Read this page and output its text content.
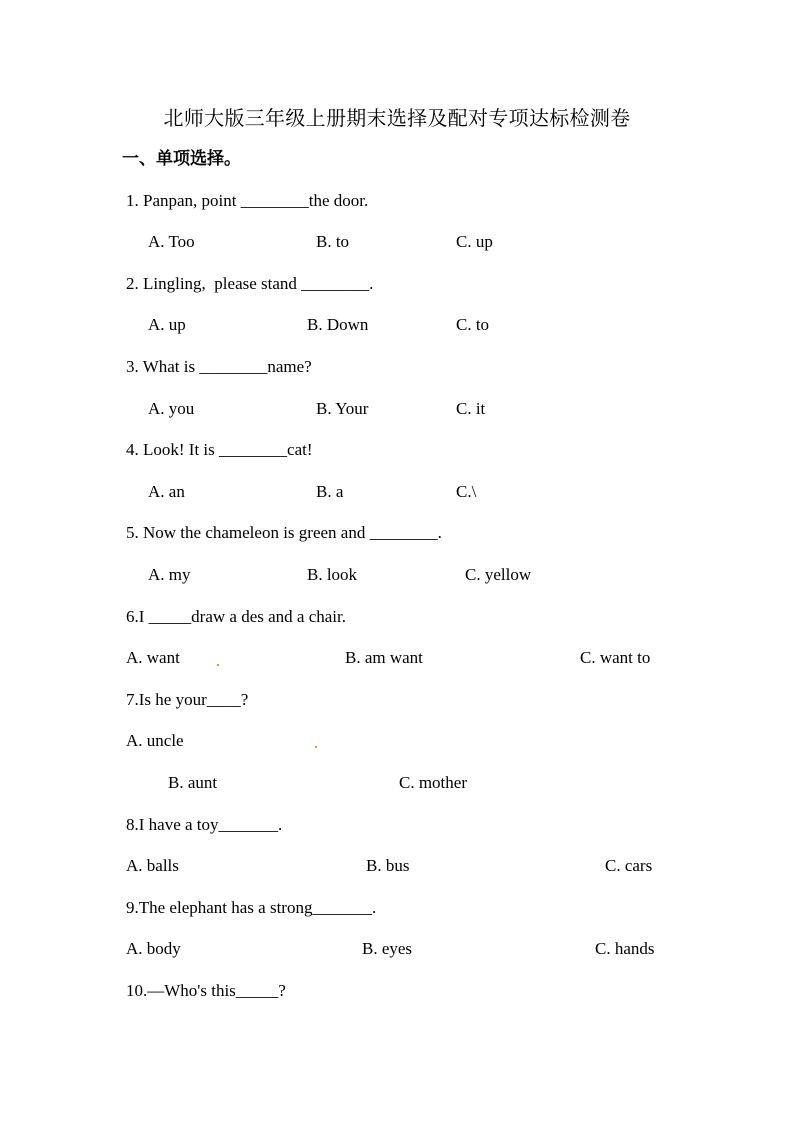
北师大版三年级上册期末选择及配对专项达标检测卷
一、单项选择。
1. Panpan, point ________the door.
A. Too	B. to	C. up
2. Lingling,  please stand ________.
A. up	B. Down	C. to
3. What is ________name?
A. you	B. Your	C. it
4. Look! It is ________cat!
A. an	B. a	C.\
5. Now the chameleon is green and ________.
A. my	B. look	C. yellow
6.I _____draw a des and a chair.
A. want	B. am want	C. want to
7.Is he your____?
A. uncle
B. aunt	C. mother
8.I have a toy_______.
A. balls	B. bus	C. cars
9.The elephant has a strong_______.
A. body	B. eyes	C. hands
10.—Who's this_____?
